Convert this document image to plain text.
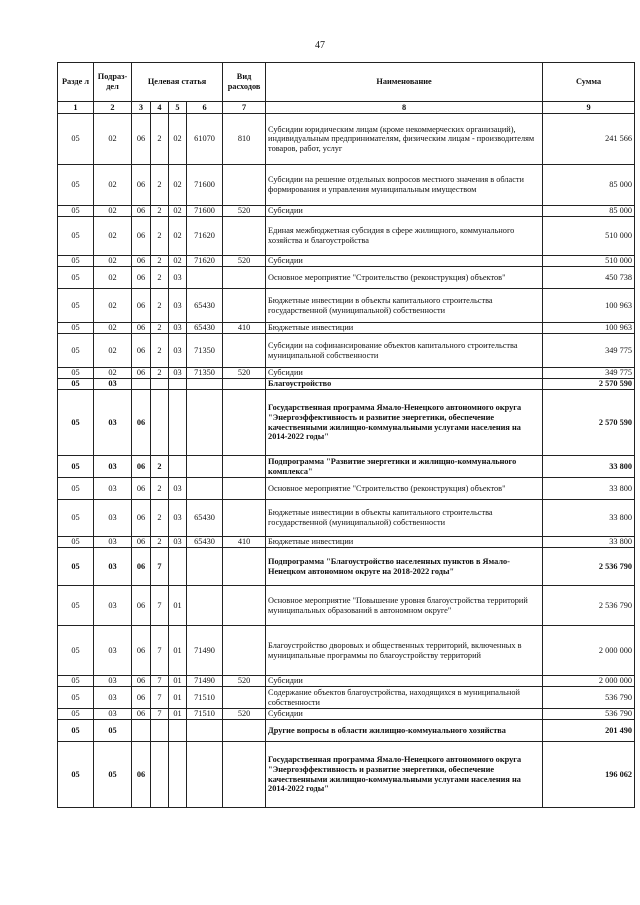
47
Разде л	Подраз- дел	Целевая статья				Вид расходов	Наименование	Сумма
1	2	3	4	5	6	7	8	9
05	02	06	2	02	61070	810	Субсидии юридическим лицам (кроме некоммерческих организаций), индивидуальным предпринимателям, физическим лицам - производителям товаров, работ, услуг	241 566
05	02	06	2	02	71600		Субсидии на решение отдельных вопросов местного значения в области формирования и управления муниципальным имуществом	85 000
05	02	06	2	02	71600	520	Субсидии	85 000
05	02	06	2	02	71620		Единая межбюджетная субсидия в сфере жилищного, коммунального хозяйства и благоустройства	510 000
05	02	06	2	02	71620	520	Субсидии	510 000
05	02	06	2	03			Основное мероприятие "Строительство (реконструкция) объектов"	450 738
05	02	06	2	03	65430		Бюджетные инвестиции в объекты капитального строительства государственной (муниципальной) собственности	100 963
05	02	06	2	03	65430	410	Бюджетные инвестиции	100 963
05	02	06	2	03	71350		Субсидии на софинансирование объектов капитального строительства муниципальной собственности	349 775
05	02	06	2	03	71350	520	Субсидии	349 775
05	03						Благоустройство	2 570 590
05	03	06					Государственная программа Ямало-Ненецкого автономного округа "Энергоэффективность и развитие энергетики, обеспечение качественными жилищно-коммунальными услугами населения на 2014-2022 годы"	2 570 590
05	03	06	2				Подпрограмма "Развитие энергетики и жилищно-коммунального комплекса"	33 800
05	03	06	2	03			Основное мероприятие "Строительство (реконструкция) объектов"	33 800
05	03	06	2	03	65430		Бюджетные инвестиции в объекты капитального строительства государственной (муниципальной) собственности	33 800
05	03	06	2	03	65430	410	Бюджетные инвестиции	33 800
05	03	06	7				Подпрограмма "Благоустройство населенных пунктов в Ямало-Ненецком автономном округе на 2018-2022 годы"	2 536 790
05	03	06	7	01			Основное мероприятие "Повышение уровня благоустройства территорий муниципальных образований в автономном округе"	2 536 790
05	03	06	7	01	71490		Благоустройство дворовых и общественных территорий, включенных в муниципальные программы по благоустройству территорий	2 000 000
05	03	06	7	01	71490	520	Субсидии	2 000 000
05	03	06	7	01	71510		Содержание объектов благоустройства, находящихся в муниципальной собственности	536 790
05	03	06	7	01	71510	520	Субсидии	536 790
05	05						Другие вопросы в области жилищно-коммунального хозяйства	201 490
05	05	06					Государственная программа Ямало-Ненецкого автономного округа "Энергоэффективность и развитие энергетики, обеспечение качественными жилищно-коммунальными услугами населения на 2014-2022 годы"	196 062
